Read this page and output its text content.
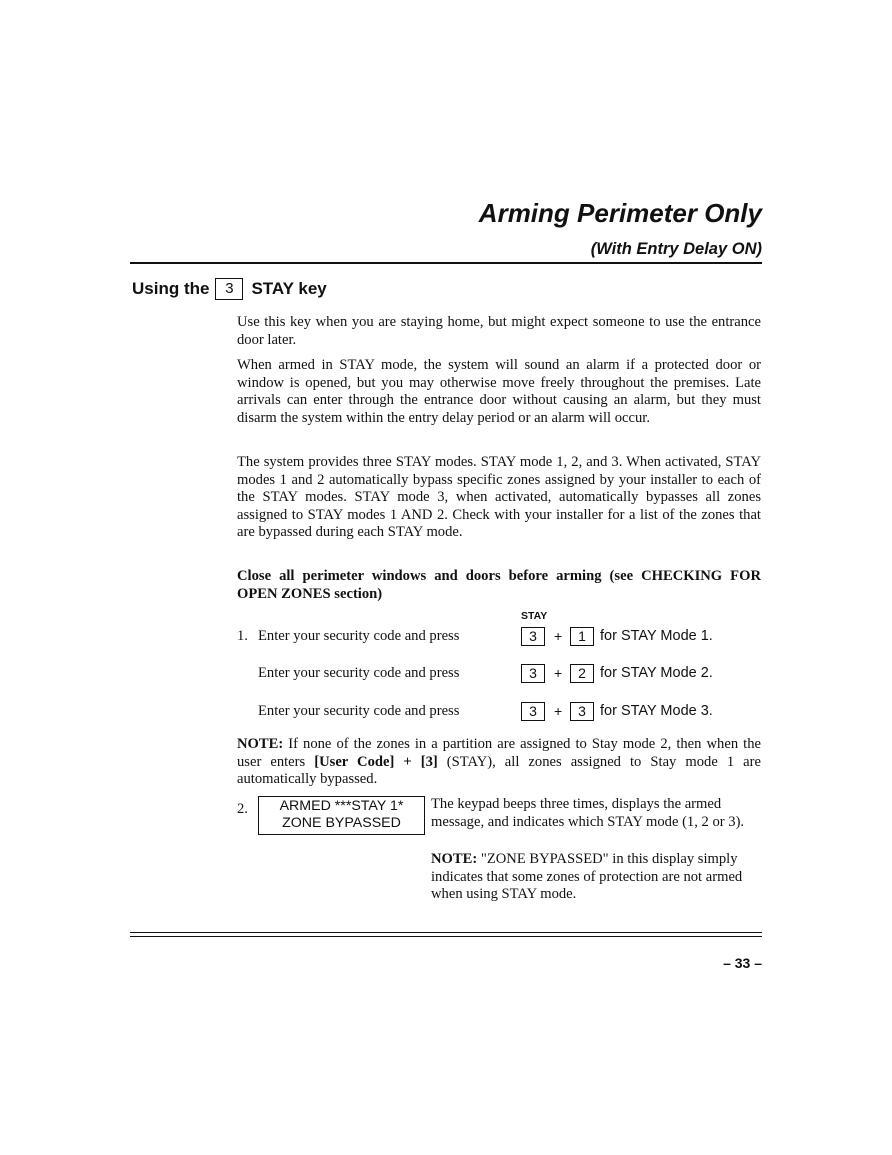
Arming Perimeter Only
(With Entry Delay ON)
Using the	3	STAY key

Use this key when you are staying home, but might expect someone to use the entrance door later.

When armed in STAY mode, the system will sound an alarm if a protected door or window is opened, but you may otherwise move freely throughout the premises. Late arrivals can enter through the entrance door without causing an alarm, but they must disarm the system within the entry delay period or an alarm will occur.

The system provides three STAY modes. STAY mode 1, 2, and 3. When activated, STAY modes 1 and 2 automatically bypass specific zones assigned by your installer to each of the STAY modes. STAY mode 3, when activated, automatically bypasses all zones assigned to STAY modes 1 AND 2. Check with your installer for a list of the zones that are bypassed during each STAY mode.

Close all perimeter windows and doors before arming (see CHECKING FOR OPEN ZONES section)

STAY
1. Enter your security code and press	3	+	1 for STAY Mode 1.
Enter your security code and press	3	+	2 for STAY Mode 2.
Enter your security code and press	3	+	3 for STAY Mode 3.

NOTE: If none of the zones in a partition are assigned to Stay mode 2, then when the user enters [User Code] + [3] (STAY), all zones assigned to Stay mode 1 are automatically bypassed.

2.	ARMED ***STAY 1*
ZONE BYPASSED

The keypad beeps three times, displays the armed message, and indicates which STAY mode (1, 2 or 3).

NOTE: "ZONE BYPASSED" in this display simply indicates that some zones of protection are not armed when using STAY mode.

– 33 –
